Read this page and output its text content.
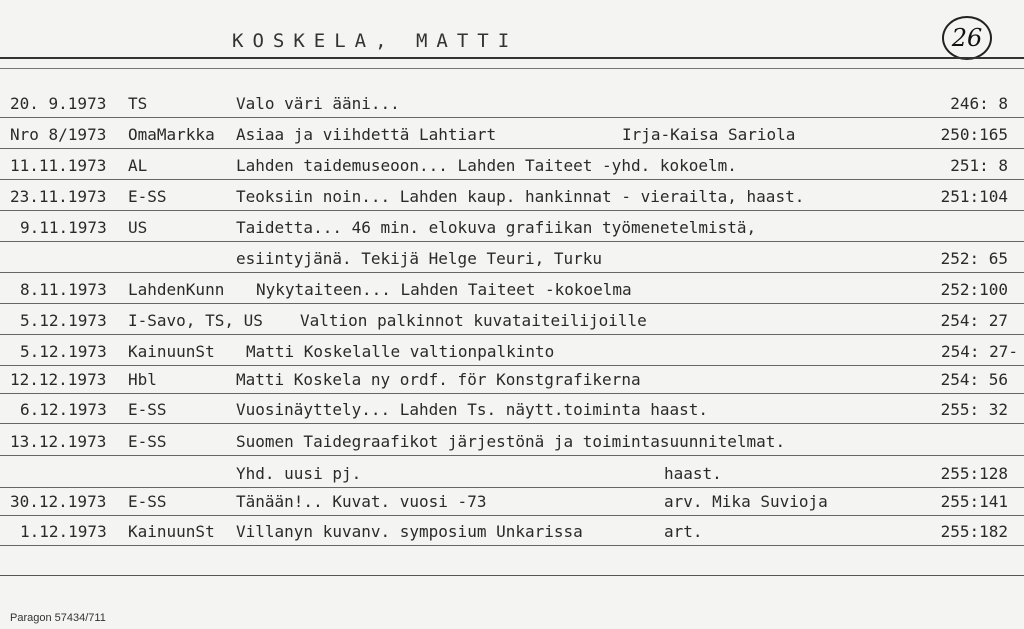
KOSKELA, MATTI	26
20. 9.1973 TS	Valo väri ääni...	246: 8
Nro 8/1973 OmaMarkka Asiaa ja viihdettä Lahtiart	Irja-Kaisa Sariola	250:165
11.11.1973 AL	Lahden taidemuseoon... Lahden Taiteet -yhd. kokoelm.	251: 8
23.11.1973 E-SS	Teoksiin noin... Lahden kaup. hankinnat - vierailta, haast.	251:104
9.11.1973 US	Taidetta... 46 min. elokuva grafiikan työmenetelmistä,
esiintyjänä. Tekijä Helge Teuri, Turku	252: 65
8.11.1973 LahdenKunn Nykytaiteen... Lahden Taiteet -kokoelma	252:100
5.12.1973 I-Savo, TS, US Valtion palkinnot kuvataiteilijoille	254: 27
5.12.1973 KainuunSt Matti Koskelalle valtionpalkinto	254: 27-
12.12.1973 Hbl	Matti Koskela ny ordf. för Konstgrafikerna	254: 56
6.12.1973 E-SS	Vuosinäyttely... Lahden Ts. näytt.toiminta haast.	255: 32
13.12.1973 E-SS	Suomen Taidegraafikot järjestönä ja toimintasuunnitelmat.
Yhd. uusi pj.	haast.	255:128
30.12.1973 E-SS	Tänään!.. Kuvat. vuosi -73	arv. Mika Suvioja	255:141
1.12.1973 KainuunSt Villanyn kuvanv. symposium Unkarissa	art.	255:182
Paragon 57434/711
